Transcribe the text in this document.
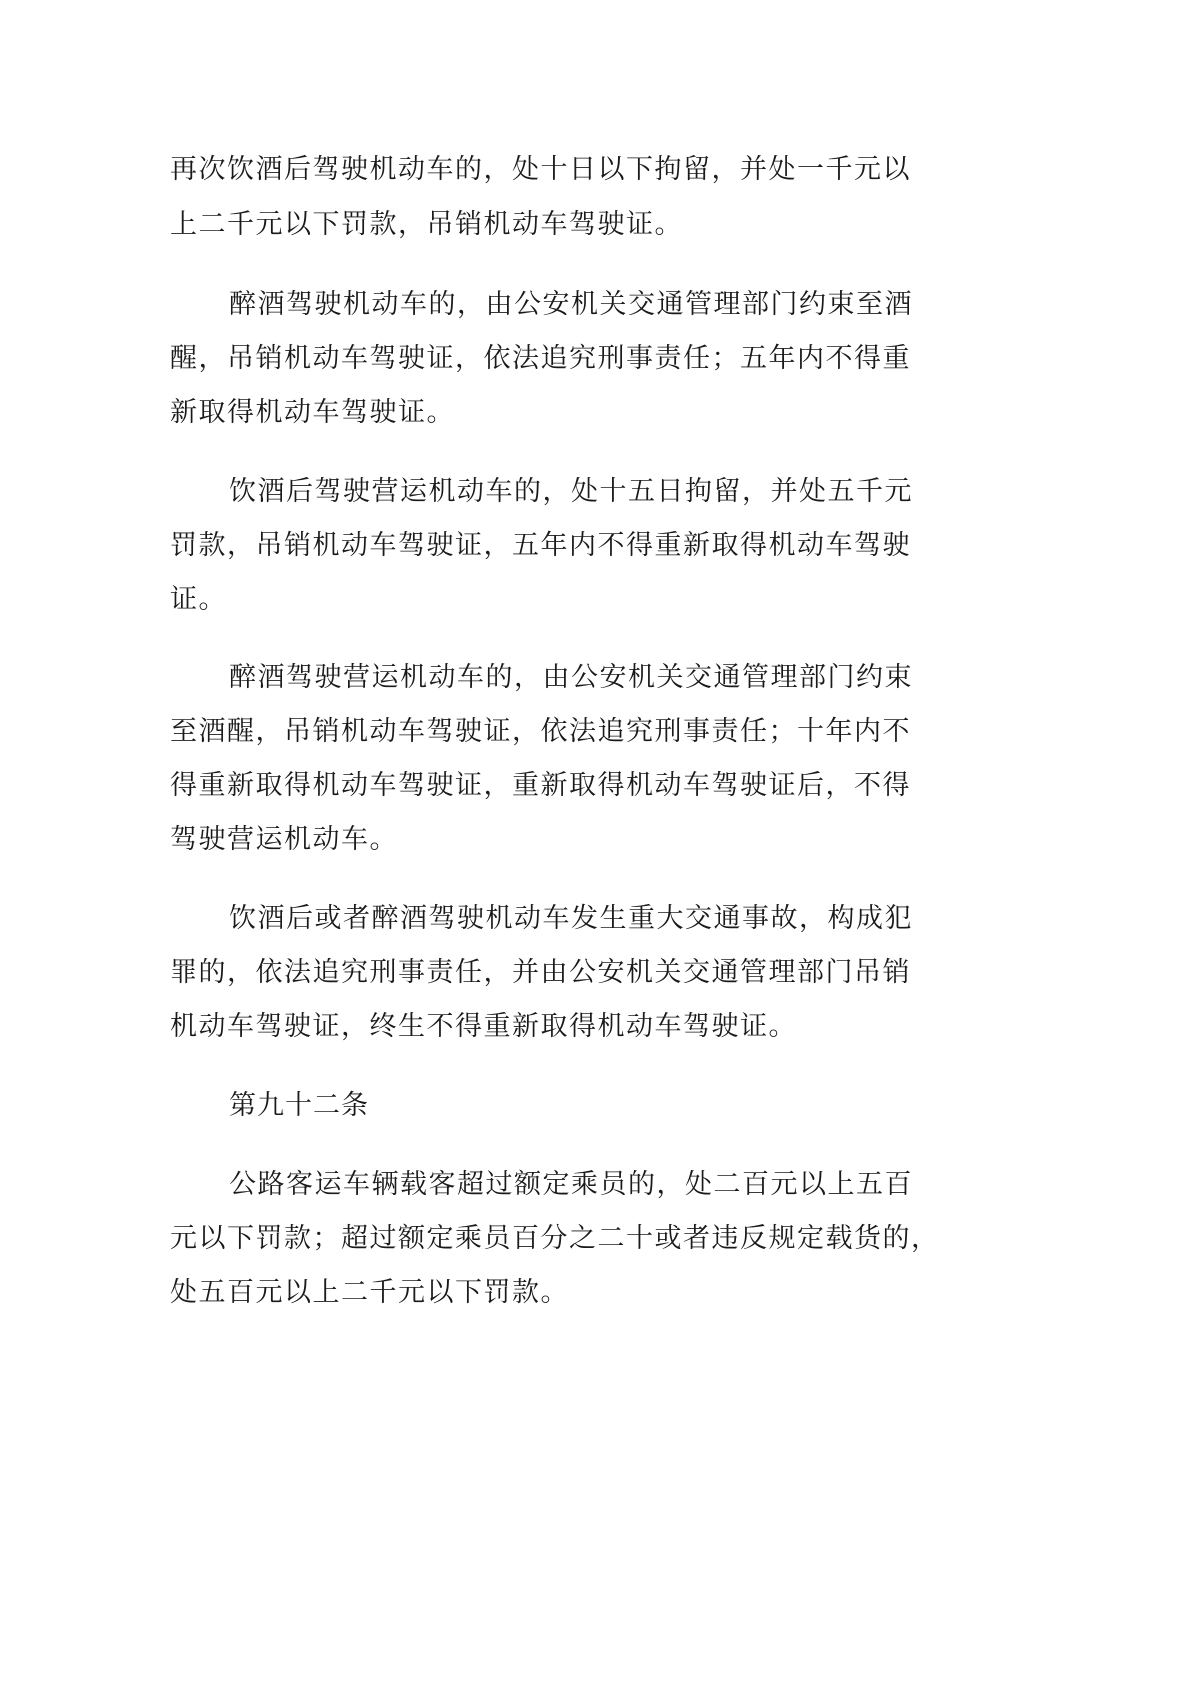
再次饮酒后驾驶机动车的，处十日以下拘留，并处一千元以
上二千元以下罚款，吊销机动车驾驶证。
醉酒驾驶机动车的，由公安机关交通管理部门约束至酒
醒，吊销机动车驾驶证，依法追究刑事责任；五年内不得重
新取得机动车驾驶证。
饮酒后驾驶营运机动车的，处十五日拘留，并处五千元
罚款，吊销机动车驾驶证，五年内不得重新取得机动车驾驶
证。
醉酒驾驶营运机动车的，由公安机关交通管理部门约束
至酒醒，吊销机动车驾驶证，依法追究刑事责任；十年内不
得重新取得机动车驾驶证，重新取得机动车驾驶证后，不得
驾驶营运机动车。
饮酒后或者醉酒驾驶机动车发生重大交通事故，构成犯
罪的，依法追究刑事责任，并由公安机关交通管理部门吊销
机动车驾驶证，终生不得重新取得机动车驾驶证。
第九十二条
公路客运车辆载客超过额定乘员的，处二百元以上五百
元以下罚款；超过额定乘员百分之二十或者违反规定载货的，
处五百元以上二千元以下罚款。
